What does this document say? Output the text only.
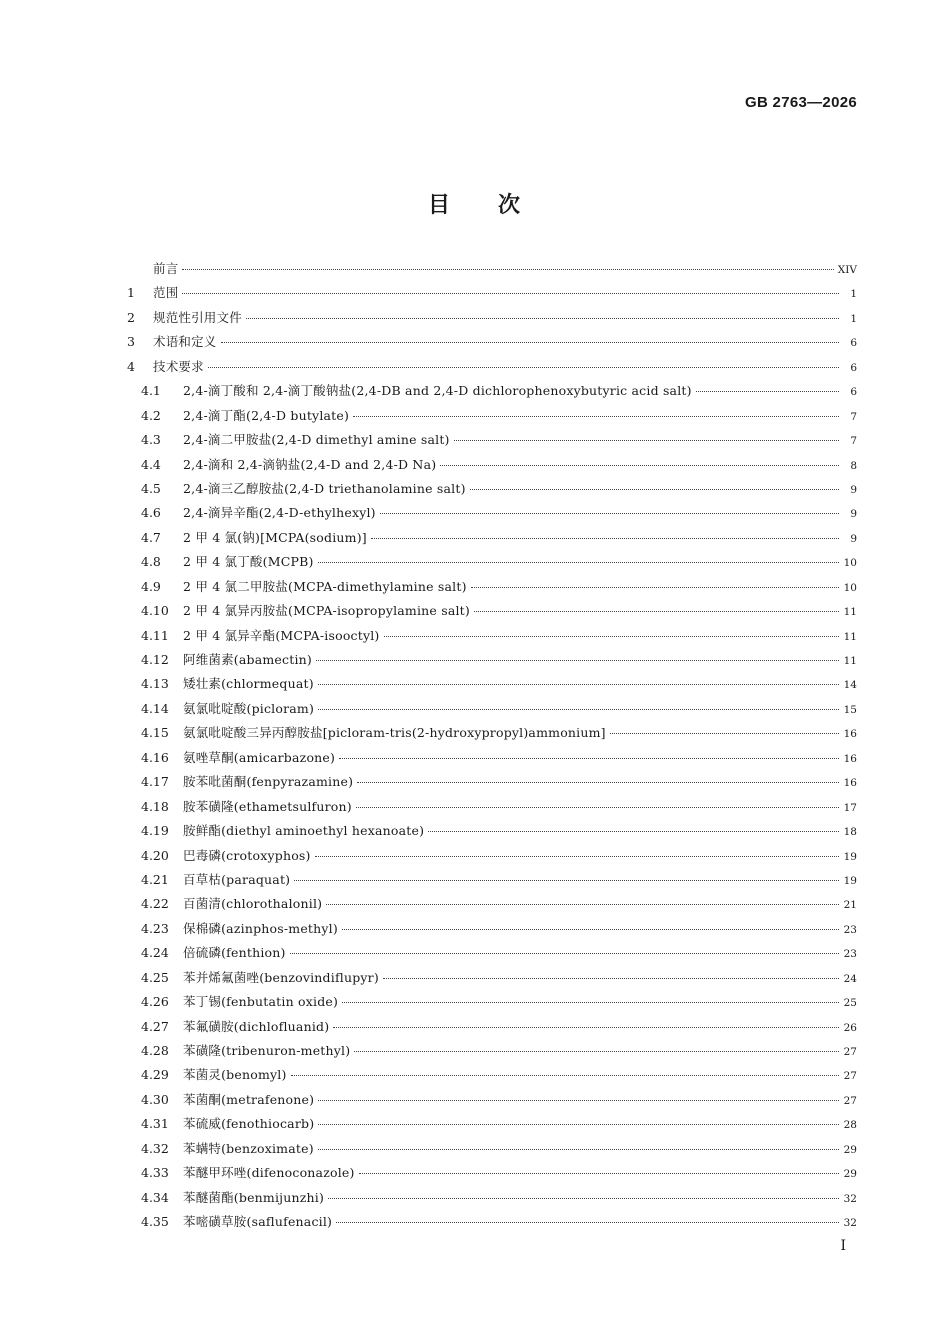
GB 2763—2026
目 次
前言	XIV
1	范围	1
2	规范性引用文件	1
3	术语和定义	6
4	技术要求	6
4.1	2,4-滴丁酸和 2,4-滴丁酸钠盐(2,4-DB and 2,4-D dichlorophenoxybutyric acid salt)	6
4.2	2,4-滴丁酯(2,4-D butylate)	7
4.3	2,4-滴二甲胺盐(2,4-D dimethyl amine salt)	7
4.4	2,4-滴和 2,4-滴钠盐(2,4-D and 2,4-D Na)	8
4.5	2,4-滴三乙醇胺盐(2,4-D triethanolamine salt)	9
4.6	2,4-滴异辛酯(2,4-D-ethylhexyl)	9
4.7	2 甲 4 氯(钠)[MCPA(sodium)]	9
4.8	2 甲 4 氯丁酸(MCPB)	10
4.9	2 甲 4 氯二甲胺盐(MCPA-dimethylamine salt)	10
4.10	2 甲 4 氯异丙胺盐(MCPA-isopropylamine salt)	11
4.11	2 甲 4 氯异辛酯(MCPA-isooctyl)	11
4.12	阿维菌素(abamectin)	11
4.13	矮壮素(chlormequat)	14
4.14	氨氯吡啶酸(picloram)	15
4.15	氨氯吡啶酸三异丙醇胺盐[picloram-tris(2-hydroxypropyl)ammonium]	16
4.16	氨唑草酮(amicarbazone)	16
4.17	胺苯吡菌酮(fenpyrazamine)	16
4.18	胺苯磺隆(ethametsulfuron)	17
4.19	胺鲜酯(diethyl aminoethyl hexanoate)	18
4.20	巴毒磷(crotoxyphos)	19
4.21	百草枯(paraquat)	19
4.22	百菌清(chlorothalonil)	21
4.23	保棉磷(azinphos-methyl)	23
4.24	倍硫磷(fenthion)	23
4.25	苯并烯氟菌唑(benzovindiflupyr)	24
4.26	苯丁锡(fenbutatin oxide)	25
4.27	苯氟磺胺(dichlofluanid)	26
4.28	苯磺隆(tribenuron-methyl)	27
4.29	苯菌灵(benomyl)	27
4.30	苯菌酮(metrafenone)	27
4.31	苯硫威(fenothiocarb)	28
4.32	苯螨特(benzoximate)	29
4.33	苯醚甲环唑(difenoconazole)	29
4.34	苯醚菌酯(benmijunzhi)	32
4.35	苯嘧磺草胺(saflufenacil)	32
I
